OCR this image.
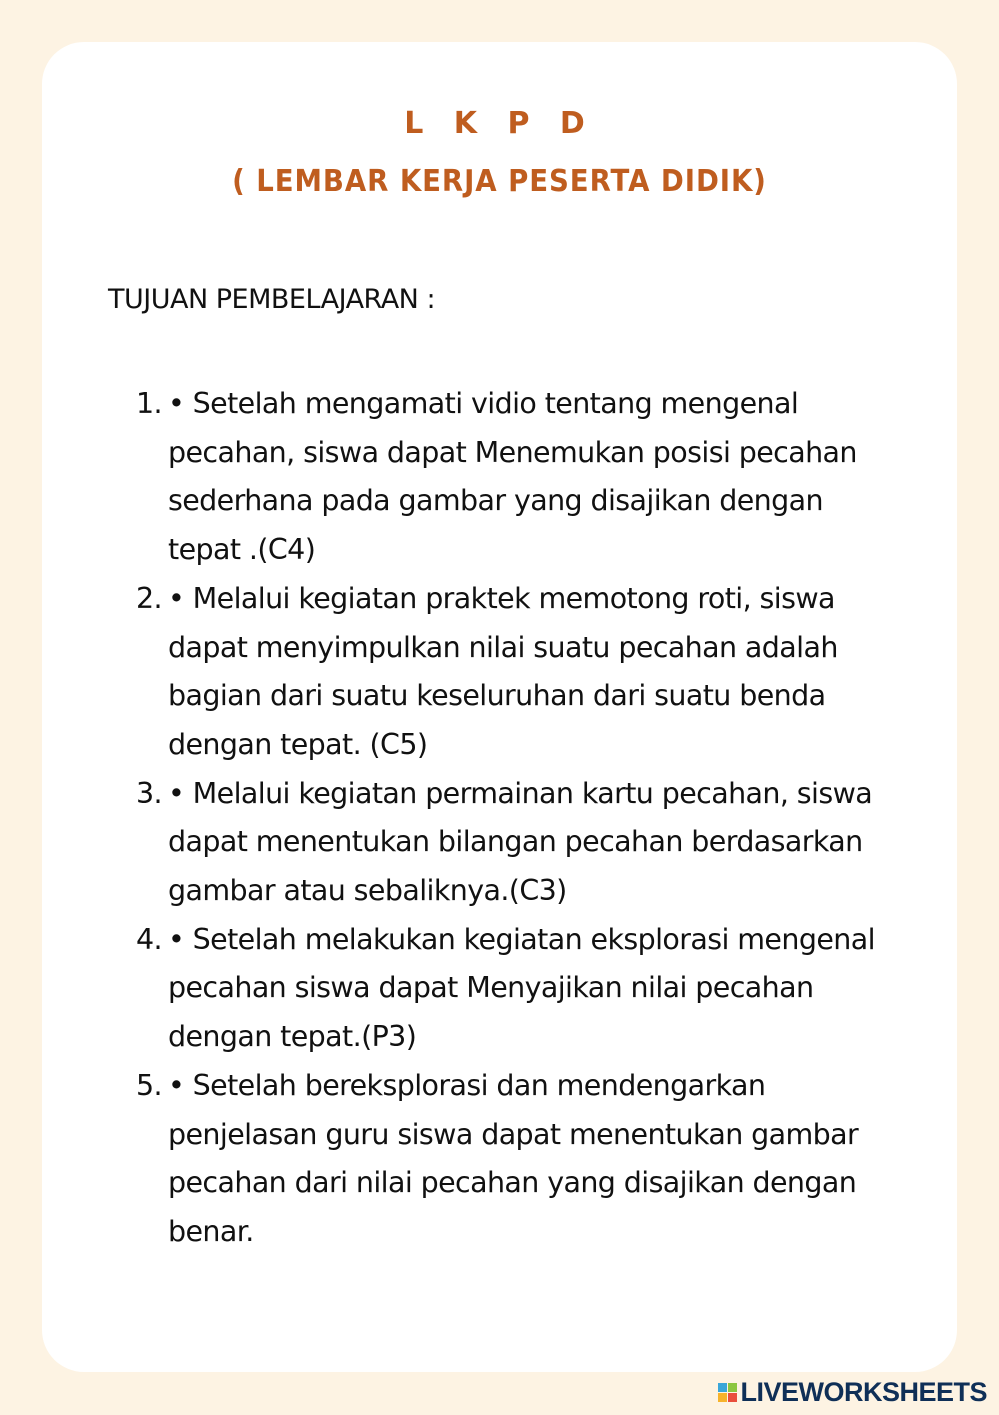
L K P D
( LEMBAR KERJA PESERTA DIDIK)
TUJUAN PEMBELAJARAN :
1. • Setelah mengamati vidio tentang mengenal pecahan, siswa dapat Menemukan posisi pecahan sederhana pada gambar yang disajikan dengan tepat .(C4)
2. • Melalui kegiatan praktek memotong roti, siswa dapat menyimpulkan nilai suatu pecahan adalah bagian dari suatu keseluruhan dari suatu benda dengan tepat. (C5)
3. • Melalui kegiatan permainan kartu pecahan, siswa dapat menentukan bilangan pecahan berdasarkan gambar atau sebaliknya.(C3)
4. • Setelah melakukan kegiatan eksplorasi mengenal pecahan siswa dapat Menyajikan nilai pecahan dengan tepat.(P3)
5. • Setelah bereksplorasi dan mendengarkan penjelasan guru siswa dapat menentukan gambar pecahan dari nilai pecahan yang disajikan dengan benar.
LIVEWORKSHEETS
